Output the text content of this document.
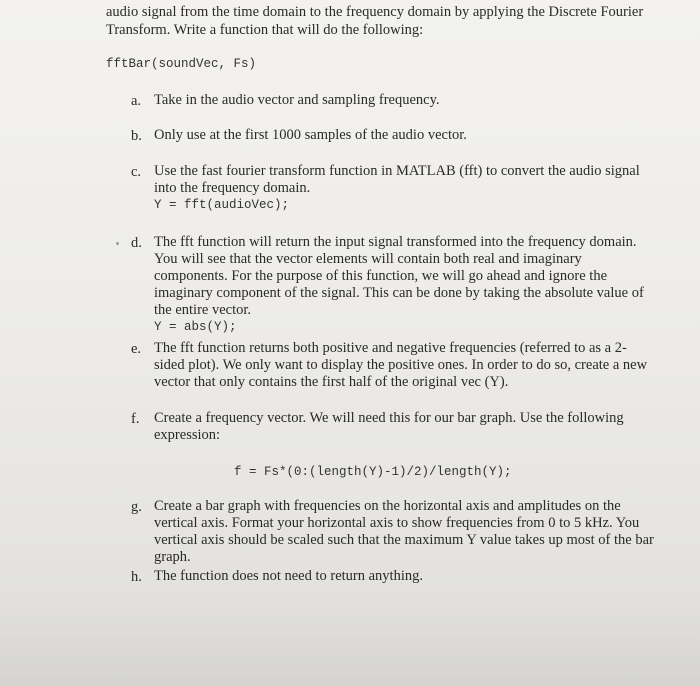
audio signal from the time domain to the frequency domain by applying the Discrete Fourier Transform. Write a function that will do the following:

fftBar(soundVec, Fs)

a. Take in the audio vector and sampling frequency.

b. Only use at the first 1000 samples of the audio vector.

c. Use the fast fourier transform function in MATLAB (fft) to convert the audio signal into the frequency domain.

Y = fft(audioVec);
d. The fft function will return the input signal transformed into the frequency domain. You will see that the vector elements will contain both real and imaginary components. For the purpose of this function, we will go ahead and ignore the imaginary component of the signal. This can be done by taking the absolute value of the entire vector.

Y = abs(Y);
e. The fft function returns both positive and negative frequencies (referred to as a 2-sided plot). We only want to display the positive ones. In order to do so, create a new vector that only contains the first half of the original vec (Y).

f. Create a frequency vector. We will need this for our bar graph. Use the following expression:

f = Fs*(0:(length(Y)-1)/2)/length(Y);

g. Create a bar graph with frequencies on the horizontal axis and amplitudes on the vertical axis. Format your horizontal axis to show frequencies from 0 to 5 kHz. You vertical axis should be scaled such that the maximum Y value takes up most of the bar graph.

h. The function does not need to return anything.
